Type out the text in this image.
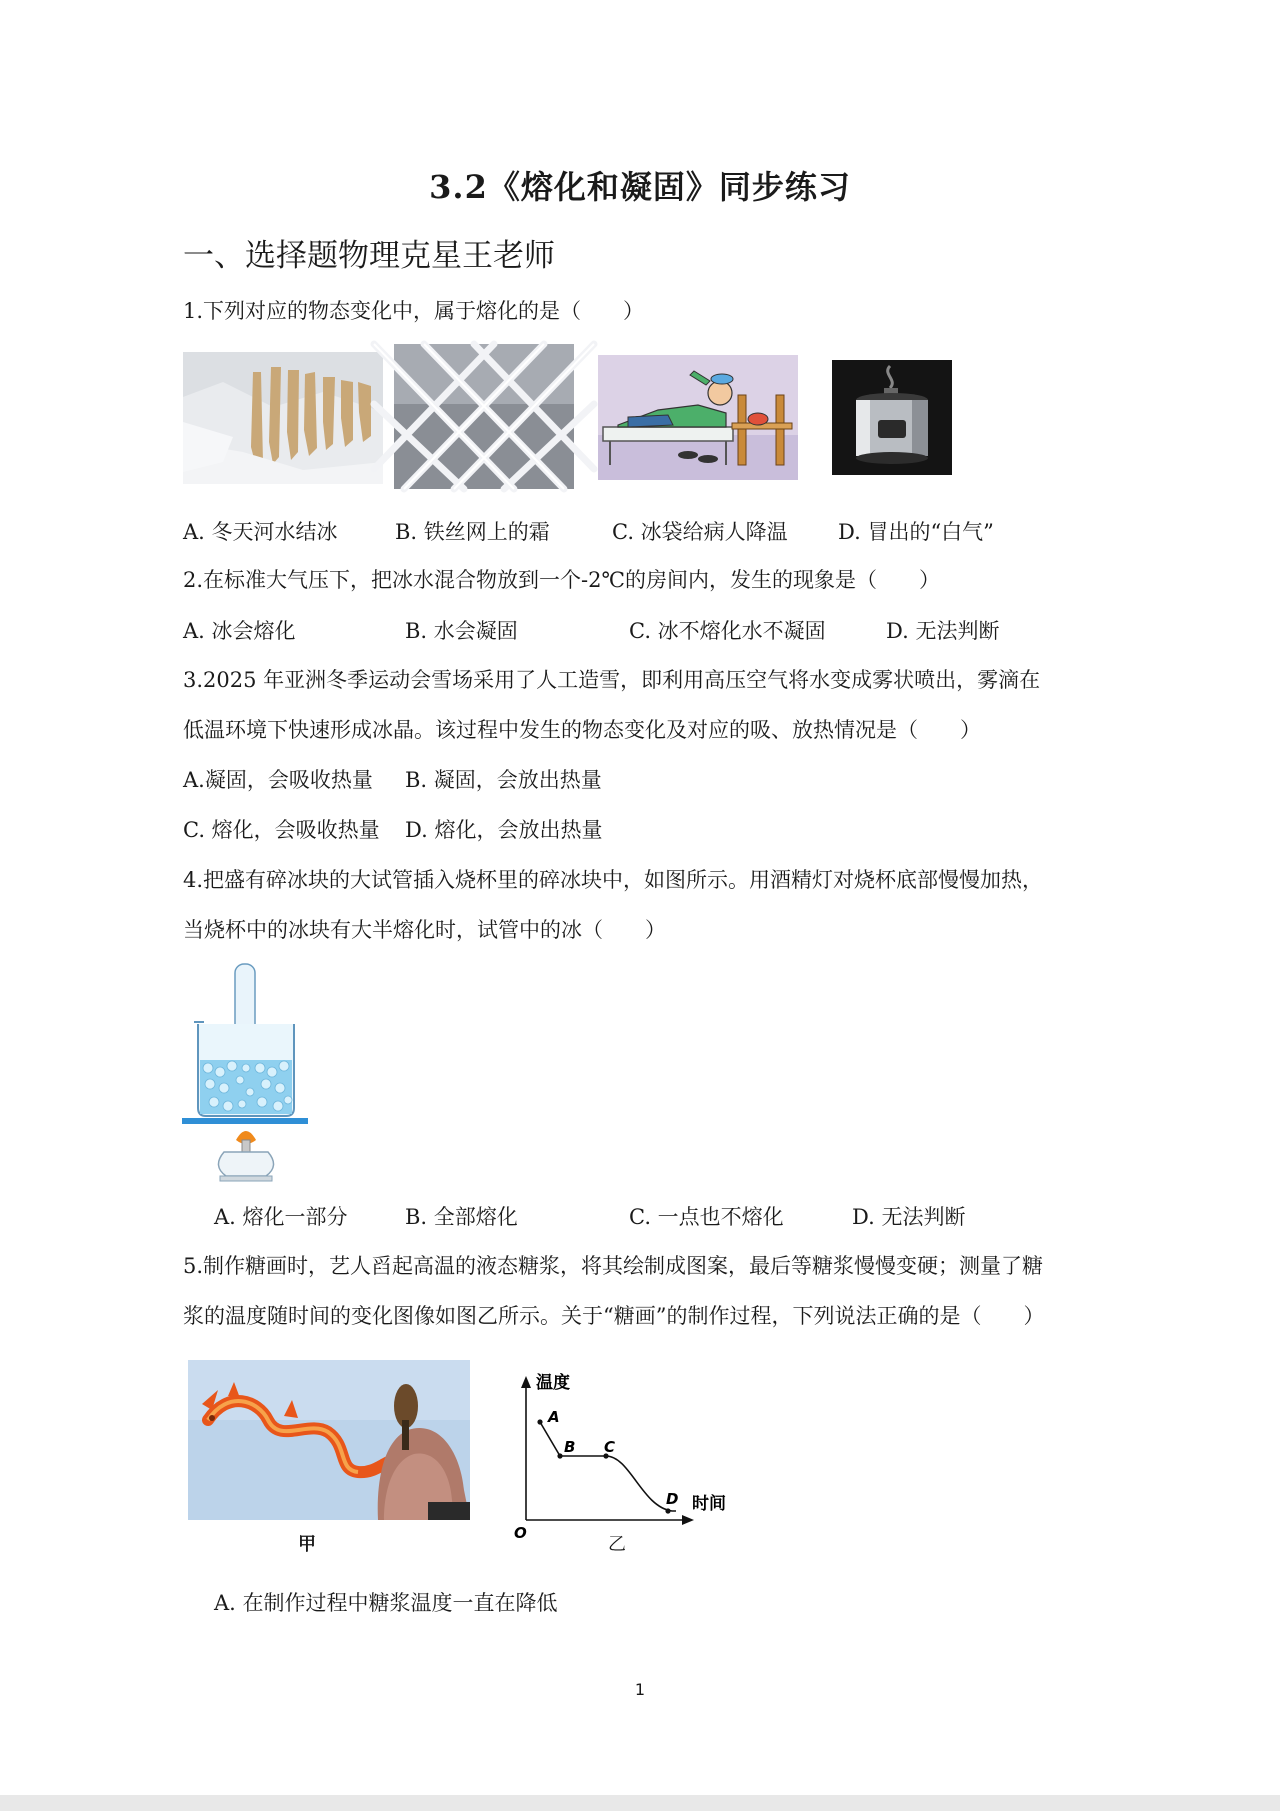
3.2《熔化和凝固》同步练习
一、选择题物理克星王老师
1.下列对应的物态变化中，属于熔化的是（　　）
A. 冬天河水结冰	B. 铁丝网上的霜	C. 冰袋给病人降温 D. 冒出的“白气”
2.在标准大气压下，把冰水混合物放到一个-2℃的房间内，发生的现象是（　　）
A. 冰会熔化	B. 水会凝固	C. 冰不熔化水不凝固	D. 无法判断
3.2025 年亚洲冬季运动会雪场采用了人工造雪，即利用高压空气将水变成雾状喷出，雾滴在
低温环境下快速形成冰晶。该过程中发生的物态变化及对应的吸、放热情况是（　　）
A.凝固，会吸收热量 B. 凝固，会放出热量
C. 熔化，会吸收热量 D. 熔化，会放出热量
4.把盛有碎冰块的大试管插入烧杯里的碎冰块中，如图所示。用酒精灯对烧杯底部慢慢加热，
当烧杯中的冰块有大半熔化时，试管中的冰（　　）
A. 熔化一部分	B. 全部熔化	C. 一点也不熔化	D. 无法判断
5.制作糖画时，艺人舀起高温的液态糖浆，将其绘制成图案，最后等糖浆慢慢变硬；测量了糖
浆的温度随时间的变化图像如图乙所示。关于“糖画”的制作过程，下列说法正确的是（　　）
甲
温度
时间
O
A
B C
D
乙
A. 在制作过程中糖浆温度一直在降低
1
